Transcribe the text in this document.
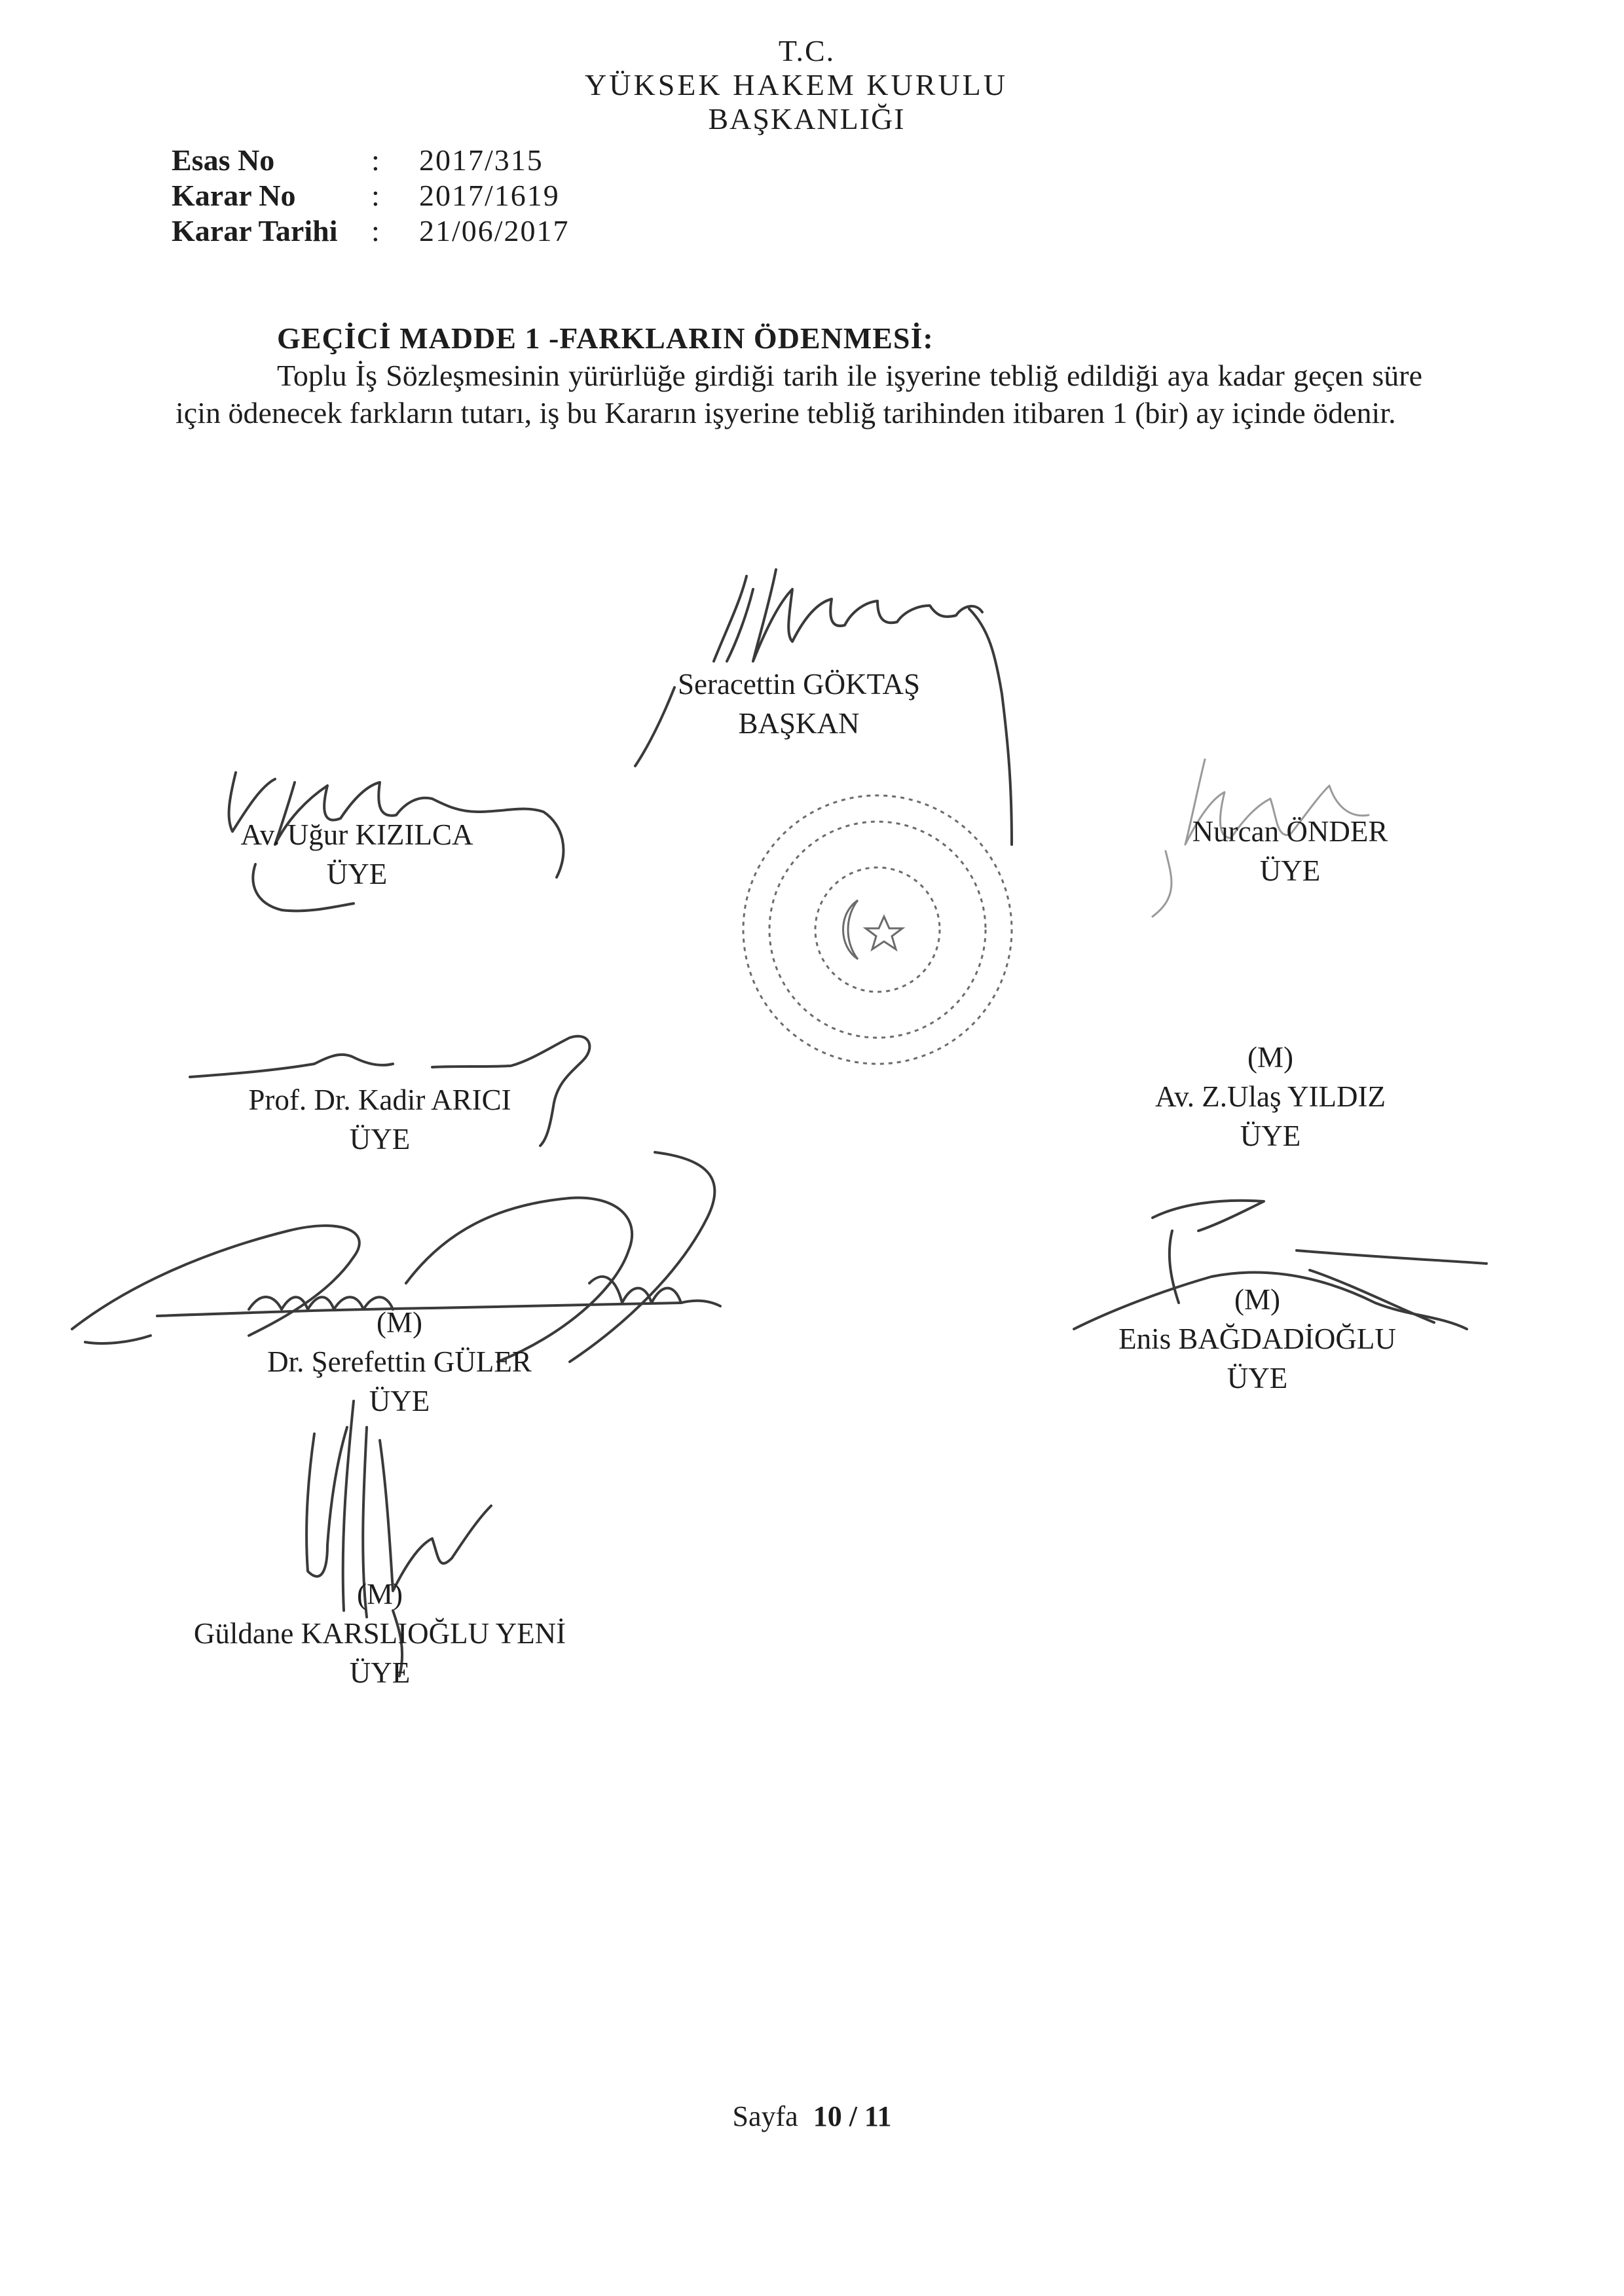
T.C.
YÜKSEK HAKEM KURULU
BAŞKANLIĞI
Esas No	: 2017/315
Karar No	: 2017/1619
Karar Tarihi : 21/06/2017
GEÇİCİ MADDE 1 -FARKLARIN ÖDENMESİ:

Toplu İş Sözleşmesinin yürürlüğe girdiği tarih ile işyerine tebliğ edildiği aya kadar geçen süre için ödenecek farkların tutarı, iş bu Kararın işyerine tebliğ tarihinden itibaren 1 (bir) ay içinde ödenir.

Seracettin GÖKTAŞ
BAŞKAN
Av. Uğur KIZILCA
ÜYE
Nurcan ÖNDER
ÜYE
Prof. Dr. Kadir ARICI
ÜYE
(M)
Av. Z.Ulaş YILDIZ
ÜYE
(M)
Dr. Şerefettin GÜLER
ÜYE
(M)
Enis BAĞDADİOĞLU
ÜYE
(M)
Güldane KARSLIOĞLU YENİ
ÜYE
Sayfa 10 / 11
